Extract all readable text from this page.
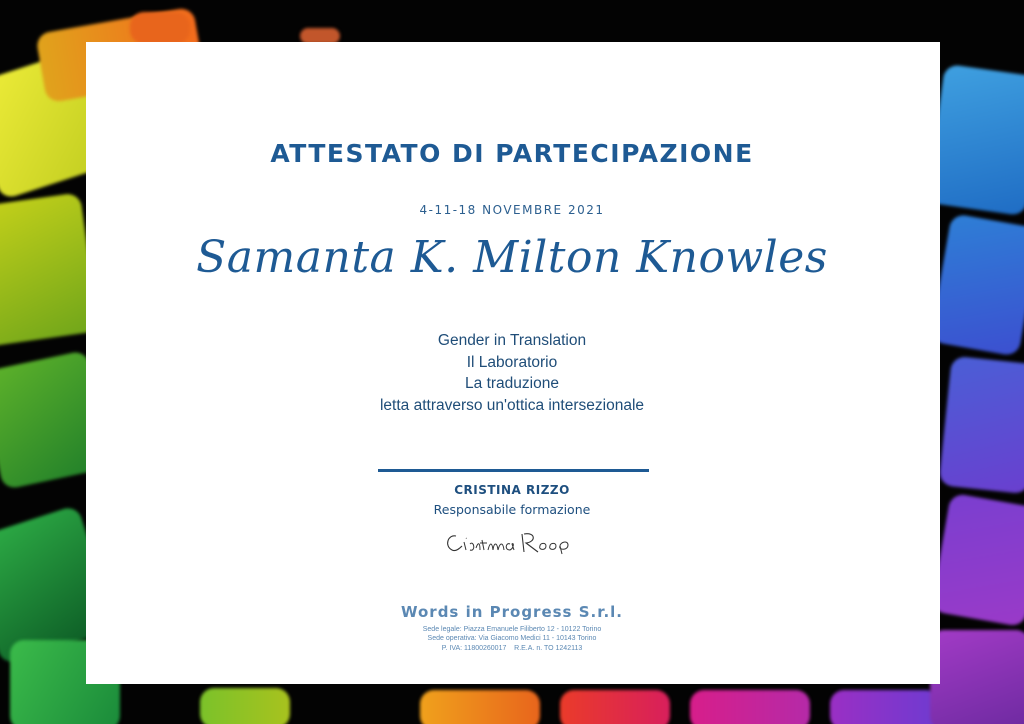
ATTESTATO DI PARTECIPAZIONE
4-11-18 NOVEMBRE 2021
Samanta K. Milton Knowles
Gender in Translation
Il Laboratorio
La traduzione
letta attraverso un'ottica intersezionale
CRISTINA RIZZO
Responsabile formazione
Words in Progress S.r.l.
Sede legale: Piazza Emanuele Filiberto 12 - 10122 Torino
Sede operativa: Via Giacomo Medici 11 - 10143 Torino
P. IVA: 11800260017    R.E.A. n. TO 1242113
